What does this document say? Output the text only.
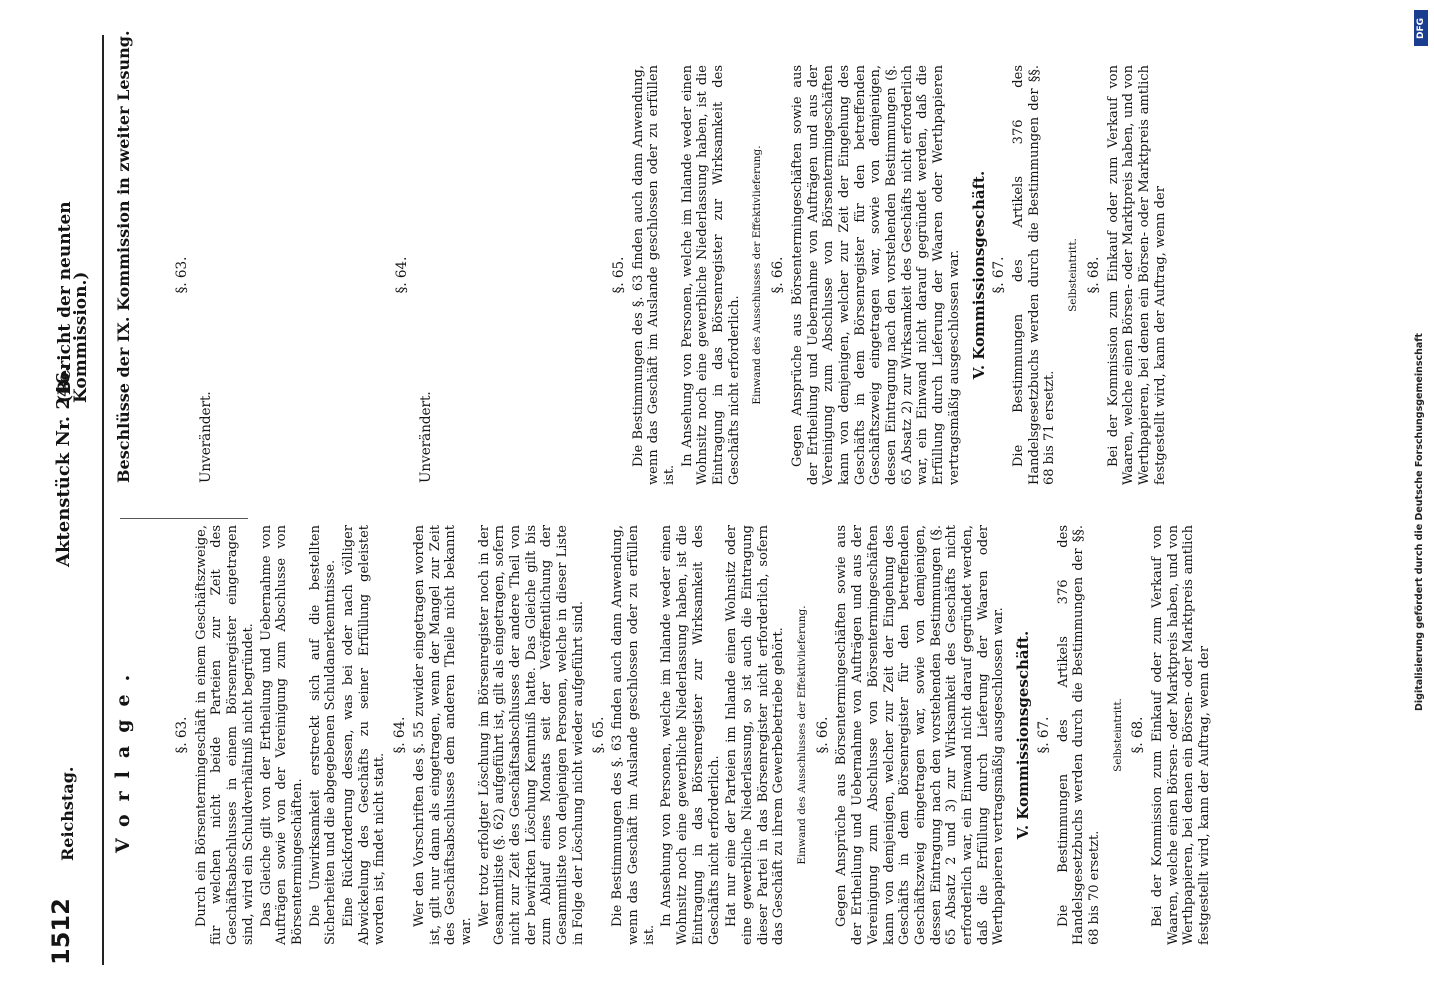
1512
Reichstag.
Aktenstück Nr. 246.
(Bericht der neunten Kommission.)
Vorlage.
Beschlüsse der IX. Kommission in zweiter Lesung.
§. 63. Durch ein Börsentermingeschäft in einem Geschäftszweige, für welchen nicht beide Parteien zur Zeit des Geschäftsabschlusses in einem Börsenregister eingetragen sind, wird ein Schuldverhältniß nicht begründet. Das Gleiche gilt von der Ertheilung und Uebernahme von Aufträgen sowie von der Vereinigung zum Abschlusse von Börsentermingeschäften. Die Unwirksamkeit erstreckt sich auf die bestellten Sicherheiten und die abgegebenen Schuldanerkenntnisse. Eine Rückforderung dessen, was bei oder nach völliger Abwickelung des Geschäfts zu seiner Erfüllung geleistet worden ist, findet nicht statt.

§. 64. Wer den Vorschriften des §. 55 zuwider eingetragen worden ist, gilt nur dann als eingetragen, wenn der Mangel zur Zeit des Geschäftsabschlusses dem anderen Theile nicht bekannt war.

Wer trotz erfolgter Löschung im Börsenregister noch in der Gesammtliste (§. 62) aufgeführt ist, gilt als eingetragen, sofern nicht zur Zeit des Geschäftsabschlusses der andere Theil von der bewirkten Löschung Kenntniß hatte. Das Gleiche gilt bis zum Ablauf eines Monats seit der Veröffentlichung der Gesammtliste von denjenigen Personen, welche in dieser Liste in Folge der Löschung nicht wieder aufgeführt sind. §. 65. Die Bestimmungen des §. 63 finden auch dann Anwendung, wenn das Geschäft im Auslande geschlossen oder zu erfüllen ist.

In Ansehung von Personen, welche im Inlande weder einen Wohnsitz noch eine gewerbliche Niederlassung haben, ist die Eintragung in das Börsenregister zur Wirksamkeit des Geschäfts nicht erforderlich. Hat nur eine der Parteien im Inlande einen Wohnsitz oder eine gewerbliche Niederlassung, so ist auch die Eintragung dieser Partei in das Börsenregister nicht erforderlich, sofern das Geschäft zu ihrem Gewerbebetriebe gehört. Einwand des Ausschlusses der Effektivlieferung. §. 66. Gegen Ansprüche aus Börsentermingeschäften sowie aus der Ertheilung und Uebernahme von Aufträgen und aus der Vereinigung zum Abschlusse von Börsentermingeschäften kann von demjenigen, welcher zur Zeit der Eingehung des Geschäfts in dem Börsenregister für den betreffenden Geschäftszweig eingetragen war, sowie von demjenigen, dessen Eintragung nach den vorstehenden Bestimmungen (§. 65 Absatz 2 und 3) zur Wirksamkeit des Geschäfts nicht erforderlich war, ein Einwand nicht darauf gegründet werden, daß die Erfüllung durch Lieferung der Waaren oder Werthpapieren vertragsmäßig ausgeschlossen war. V. Kommissionsgeschäft. §. 67. Die Bestimmungen des Artikels 376 des Handelsgesetzbuchs werden durch die Bestimmungen der §§. 68 bis 70 ersetzt.

Selbsteintritt. §. 68. Bei der Kommission zum Einkauf oder zum Verkauf von Waaren, welche einen Börsen- oder Marktpreis haben, und von Werthpapieren, bei denen ein Börsen- oder Marktpreis amtlich festgestellt wird, kann der Auftrag, wenn der

§. 63.
Unverändert.
§. 64.
Unverändert.
§. 65. Die Bestimmungen des §. 63 finden auch dann Anwendung, wenn das Geschäft im Auslande geschlossen oder zu erfüllen ist.

In Ansehung von Personen, welche im Inlande weder einen Wohnsitz noch eine gewerbliche Niederlassung haben, ist die Eintragung in das Börsenregister zur Wirksamkeit des Geschäfts nicht erforderlich. Einwand des Ausschlusses der Effektivlieferung. §. 66. Gegen Ansprüche aus Börsentermingeschäften sowie aus der Ertheilung und Uebernahme von Aufträgen und aus der Vereinigung zum Abschlusse von Börsentermingeschäften kann von demjenigen, welcher zur Zeit der Eingehung des Geschäfts in dem Börsenregister für den betreffenden Geschäftszweig eingetragen war, sowie von demjenigen, dessen Eintragung nach den vorstehenden Bestimmungen (§. 65 Absatz 2) zur Wirksamkeit des Geschäfts nicht erforderlich war, ein Einwand nicht darauf gegründet werden, daß die Erfüllung durch Lieferung der Waaren oder Werthpapieren vertragsmäßig ausgeschlossen war. V. Kommissionsgeschäft. §. 67. Die Bestimmungen des Artikels 376 des Handelsgesetzbuchs werden durch die Bestimmungen der §§. 68 bis 71 ersetzt.

Selbsteintritt. §. 68. Bei der Kommission zum Einkauf oder zum Verkauf von Waaren, welche einen Börsen- oder Marktpreis haben, und von Werthpapieren, bei denen ein Börsen- oder Marktpreis amtlich festgestellt wird, kann der Auftrag, wenn der

DFG
Digitalisierung gefördert durch die Deutsche Forschungsgemeinschaft
